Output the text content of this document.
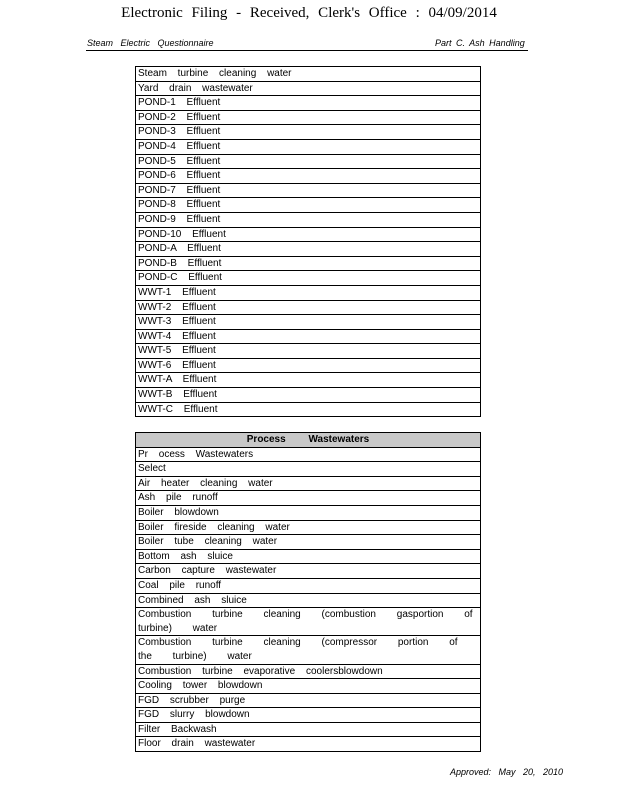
Electronic Filing - Received, Clerk's Office : 04/09/2014
Steam Electric Questionnaire	Part C. Ash Handling
Steam turbine cleaning water
Yard drain wastewater
POND-1 Effluent
POND-2 Effluent
POND-3 Effluent
POND-4 Effluent
POND-5 Effluent
POND-6 Effluent
POND-7 Effluent
POND-8 Effluent
POND-9 Effluent
POND-10 Effluent
POND-A Effluent
POND-B Effluent
POND-C Effluent
WWT-1 Effluent
WWT-2 Effluent
WWT-3 Effluent
WWT-4 Effluent
WWT-5 Effluent
WWT-6 Effluent
WWT-A Effluent
WWT-B Effluent
WWT-C Effluent
Process Wastewaters
Pr ocess Wastewaters
Select
Air heater cleaning water
Ash pile runoff
Boiler blowdown
Boiler fireside cleaning water
Boiler tube cleaning water
Bottom ash sluice
Carbon capture wastewater
Coal pile runoff
Combined ash sluice
Combustion turbine cleaning (combustion gasportion of turbine) water
Combustion turbine cleaning (compressor portion of the turbine) water
Combustion turbine evaporative coolersblowdown
Cooling tower blowdown
FGD scrubber purge
FGD slurry blowdown
Filter Backwash
Floor drain wastewater
Approved: May 20, 2010
